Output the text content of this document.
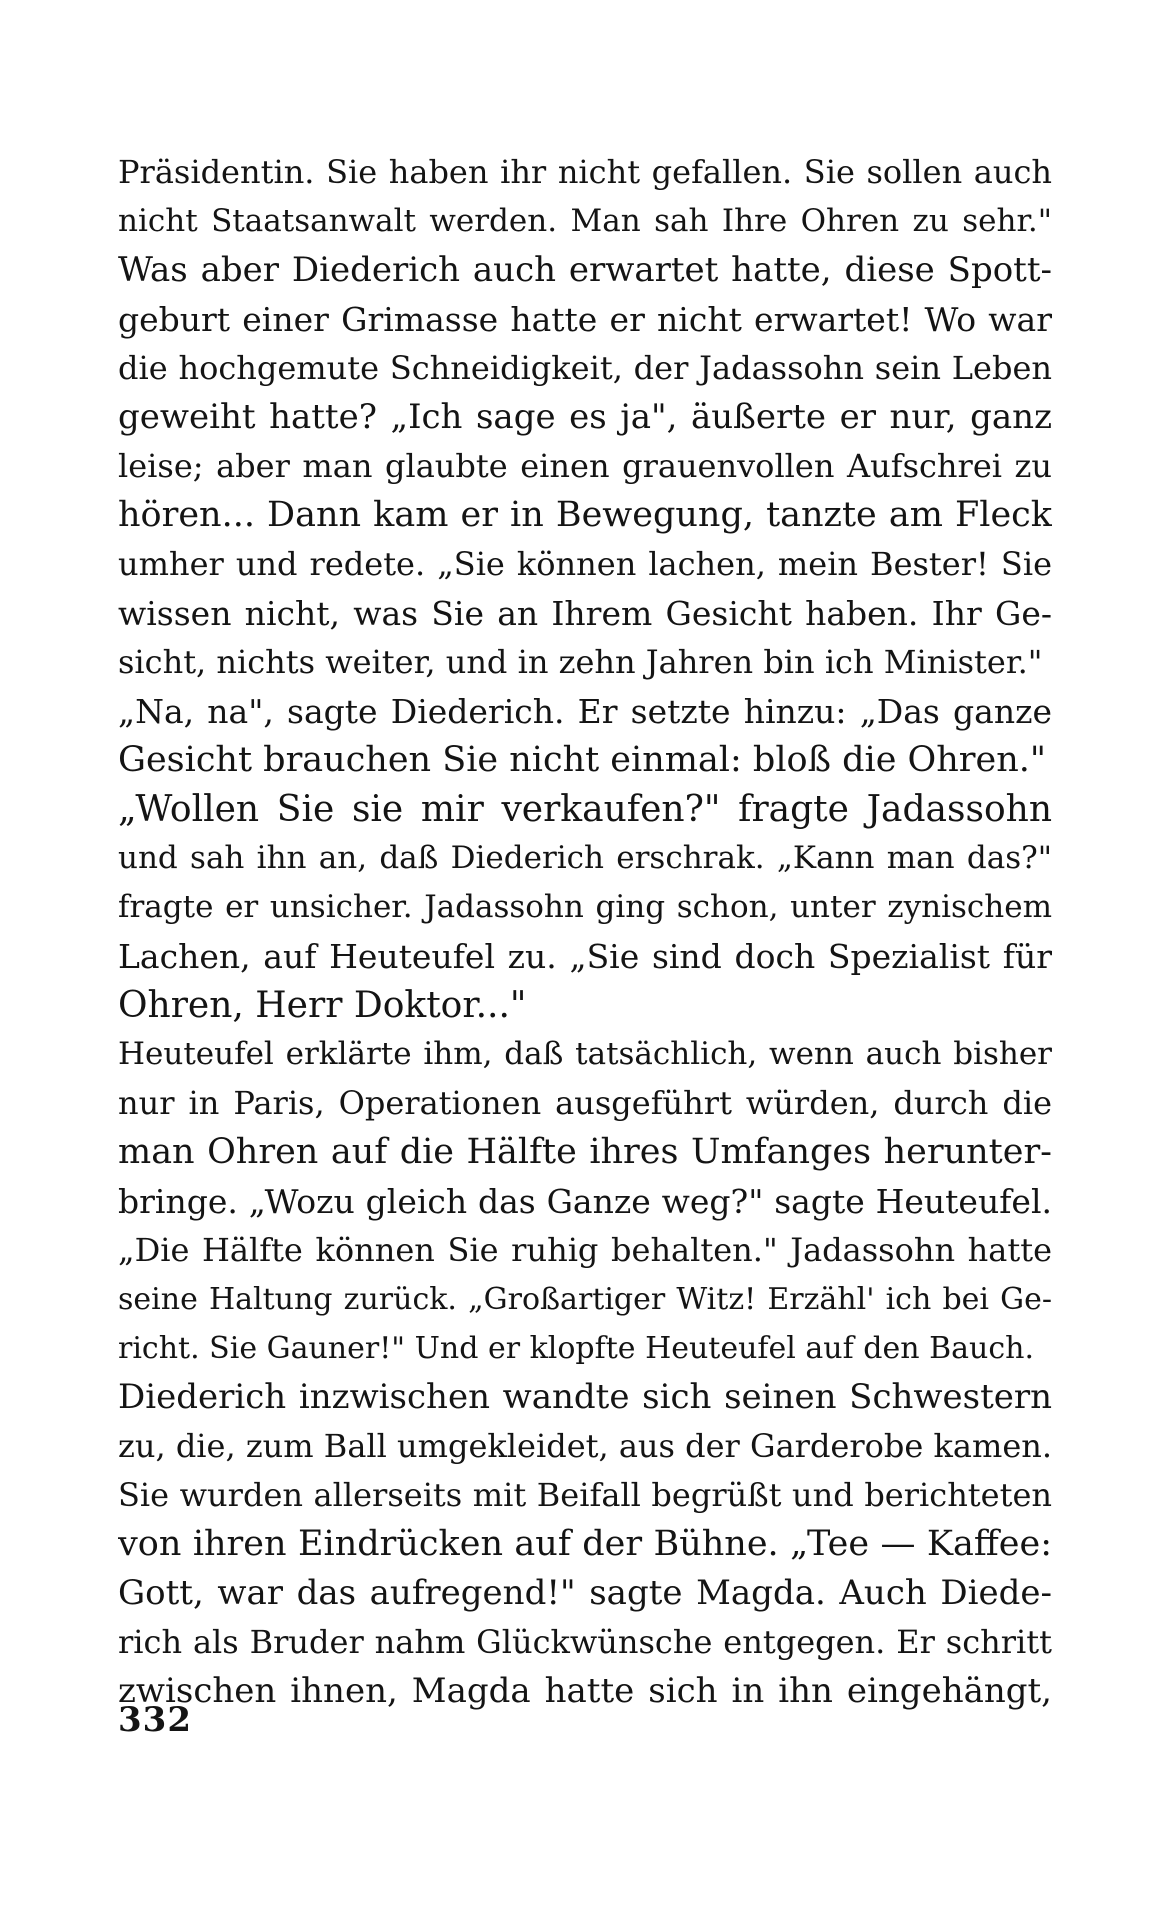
Präsidentin. Sie haben ihr nicht gefallen. Sie sollen auch
nicht Staatsanwalt werden. Man sah Ihre Ohren zu sehr."
Was aber Diederich auch erwartet hatte, diese Spott-
geburt einer Grimasse hatte er nicht erwartet! Wo war
die hochgemute Schneidigkeit, der Jadassohn sein Leben
geweiht hatte? „Ich sage es ja", äußerte er nur, ganz
leise; aber man glaubte einen grauenvollen Aufschrei zu
hören... Dann kam er in Bewegung, tanzte am Fleck
umher und redete. „Sie können lachen, mein Bester! Sie
wissen nicht, was Sie an Ihrem Gesicht haben. Ihr Ge-
sicht, nichts weiter, und in zehn Jahren bin ich Minister."
„Na, na", sagte Diederich. Er setzte hinzu: „Das ganze
Gesicht brauchen Sie nicht einmal: bloß die Ohren."
„Wollen Sie sie mir verkaufen?" fragte Jadassohn
und sah ihn an, daß Diederich erschrak. „Kann man das?"
fragte er unsicher. Jadassohn ging schon, unter zynischem
Lachen, auf Heuteufel zu. „Sie sind doch Spezialist für
Ohren, Herr Doktor..."
Heuteufel erklärte ihm, daß tatsächlich, wenn auch bisher
nur in Paris, Operationen ausgeführt würden, durch die
man Ohren auf die Hälfte ihres Umfanges herunter-
bringe. „Wozu gleich das Ganze weg?" sagte Heuteufel.
„Die Hälfte können Sie ruhig behalten." Jadassohn hatte
seine Haltung zurück. „Großartiger Witz! Erzähl' ich bei Ge-
richt. Sie Gauner!" Und er klopfte Heuteufel auf den Bauch.
Diederich inzwischen wandte sich seinen Schwestern
zu, die, zum Ball umgekleidet, aus der Garderobe kamen.
Sie wurden allerseits mit Beifall begrüßt und berichteten
von ihren Eindrücken auf der Bühne. „Tee — Kaffee:
Gott, war das aufregend!" sagte Magda. Auch Diede-
rich als Bruder nahm Glückwünsche entgegen. Er schritt
zwischen ihnen, Magda hatte sich in ihn eingehängt,
332
